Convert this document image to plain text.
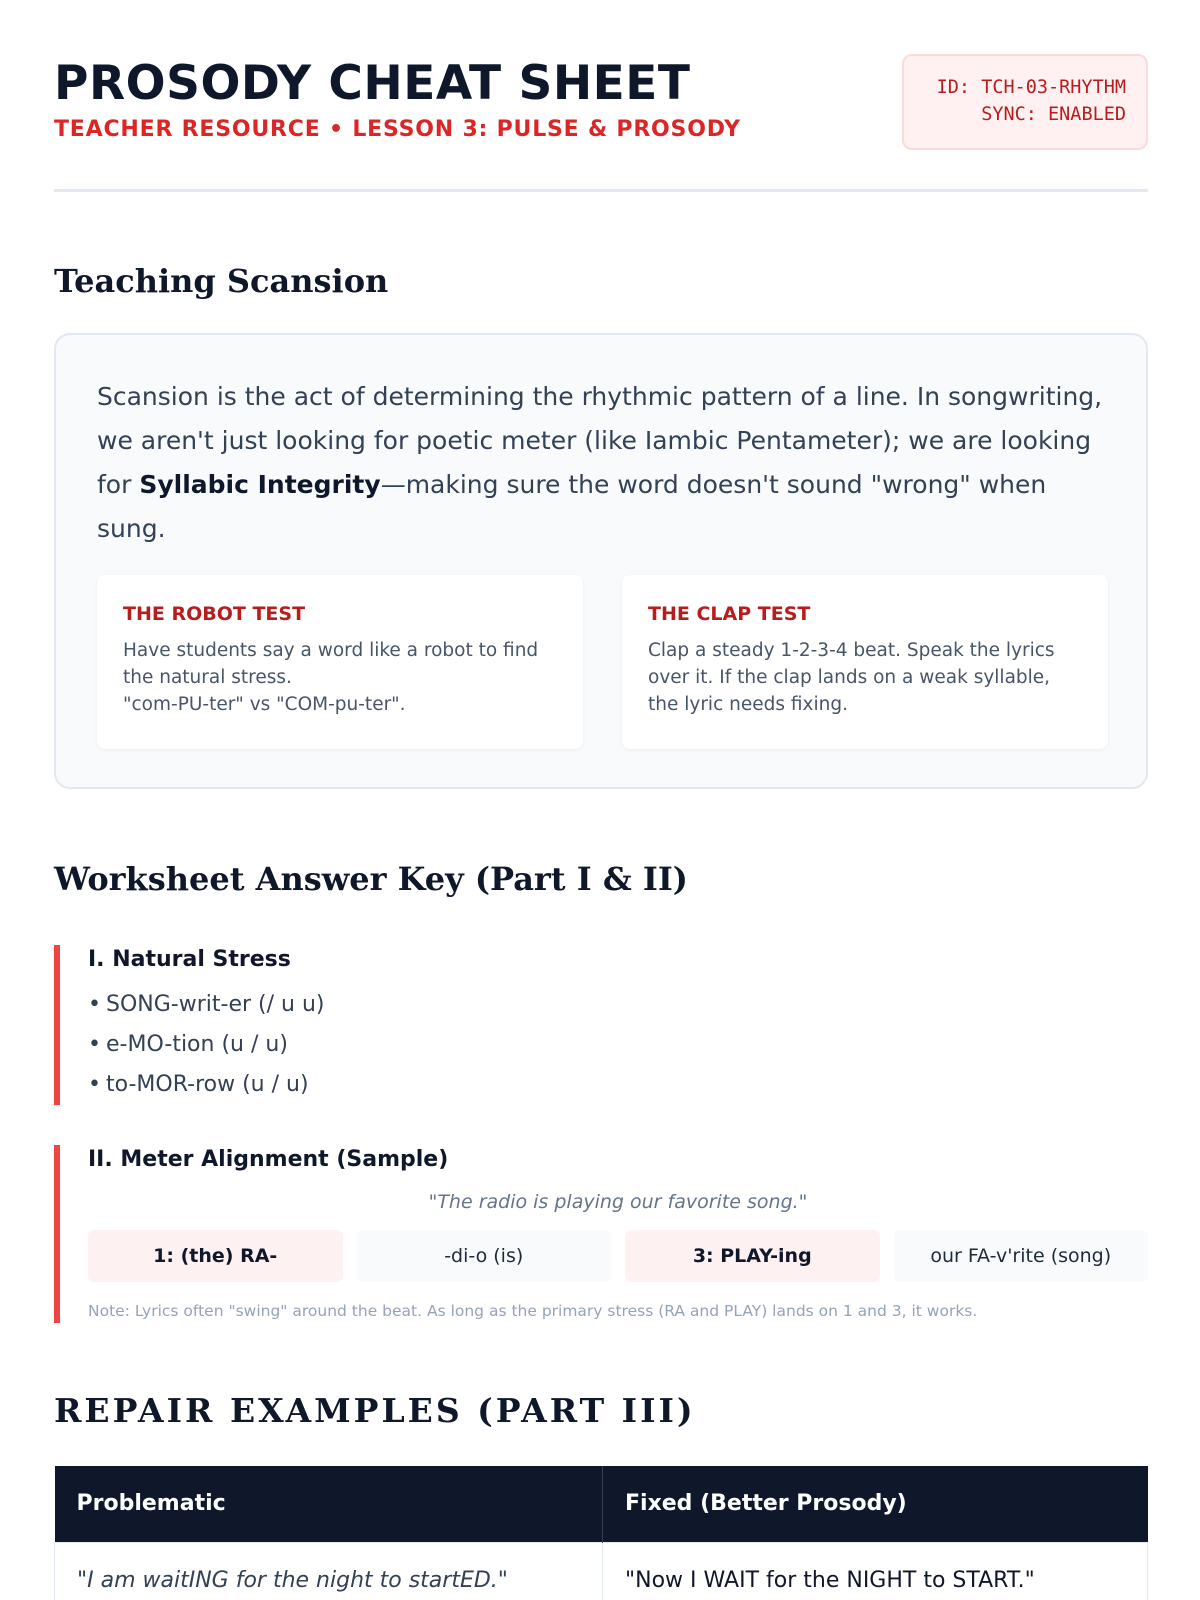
PROSODY CHEAT SHEET
TEACHER RESOURCE • LESSON 3: PULSE & PROSODY
ID: TCH-03-RHYTHM
SYNC: ENABLED
Teaching Scansion

Scansion is the act of determining the rhythmic pattern of a line. In songwriting, we aren't just looking for poetic meter (like Iambic Pentameter); we are looking for Syllabic Integrity—making sure the word doesn't sound "wrong" when sung.

THE ROBOT TEST
Have students say a word like a robot to find the natural stress.
"com-PU-ter" vs "COM-pu-ter".
THE CLAP TEST
Clap a steady 1-2-3-4 beat. Speak the lyrics over it. If the clap lands on a weak syllable, the lyric needs fixing.
Worksheet Answer Key (Part I & II)
I. Natural Stress
• SONG-writ-er (/ u u)
• e-MO-tion (u / u)
• to-MOR-row (u / u)
II. Meter Alignment (Sample)
"The radio is playing our favorite song."
1: (the) RA-	-di-o (is)	3: PLAY-ing	our FA-v'rite (song)
Note: Lyrics often "swing" around the beat. As long as the primary stress (RA and PLAY) lands on 1 and 3, it works.
REPAIR EXAMPLES (PART III)
Problematic	Fixed (Better Prosody)
"I am waitING for the night to startED."	"Now I WAIT for the NIGHT to START."
